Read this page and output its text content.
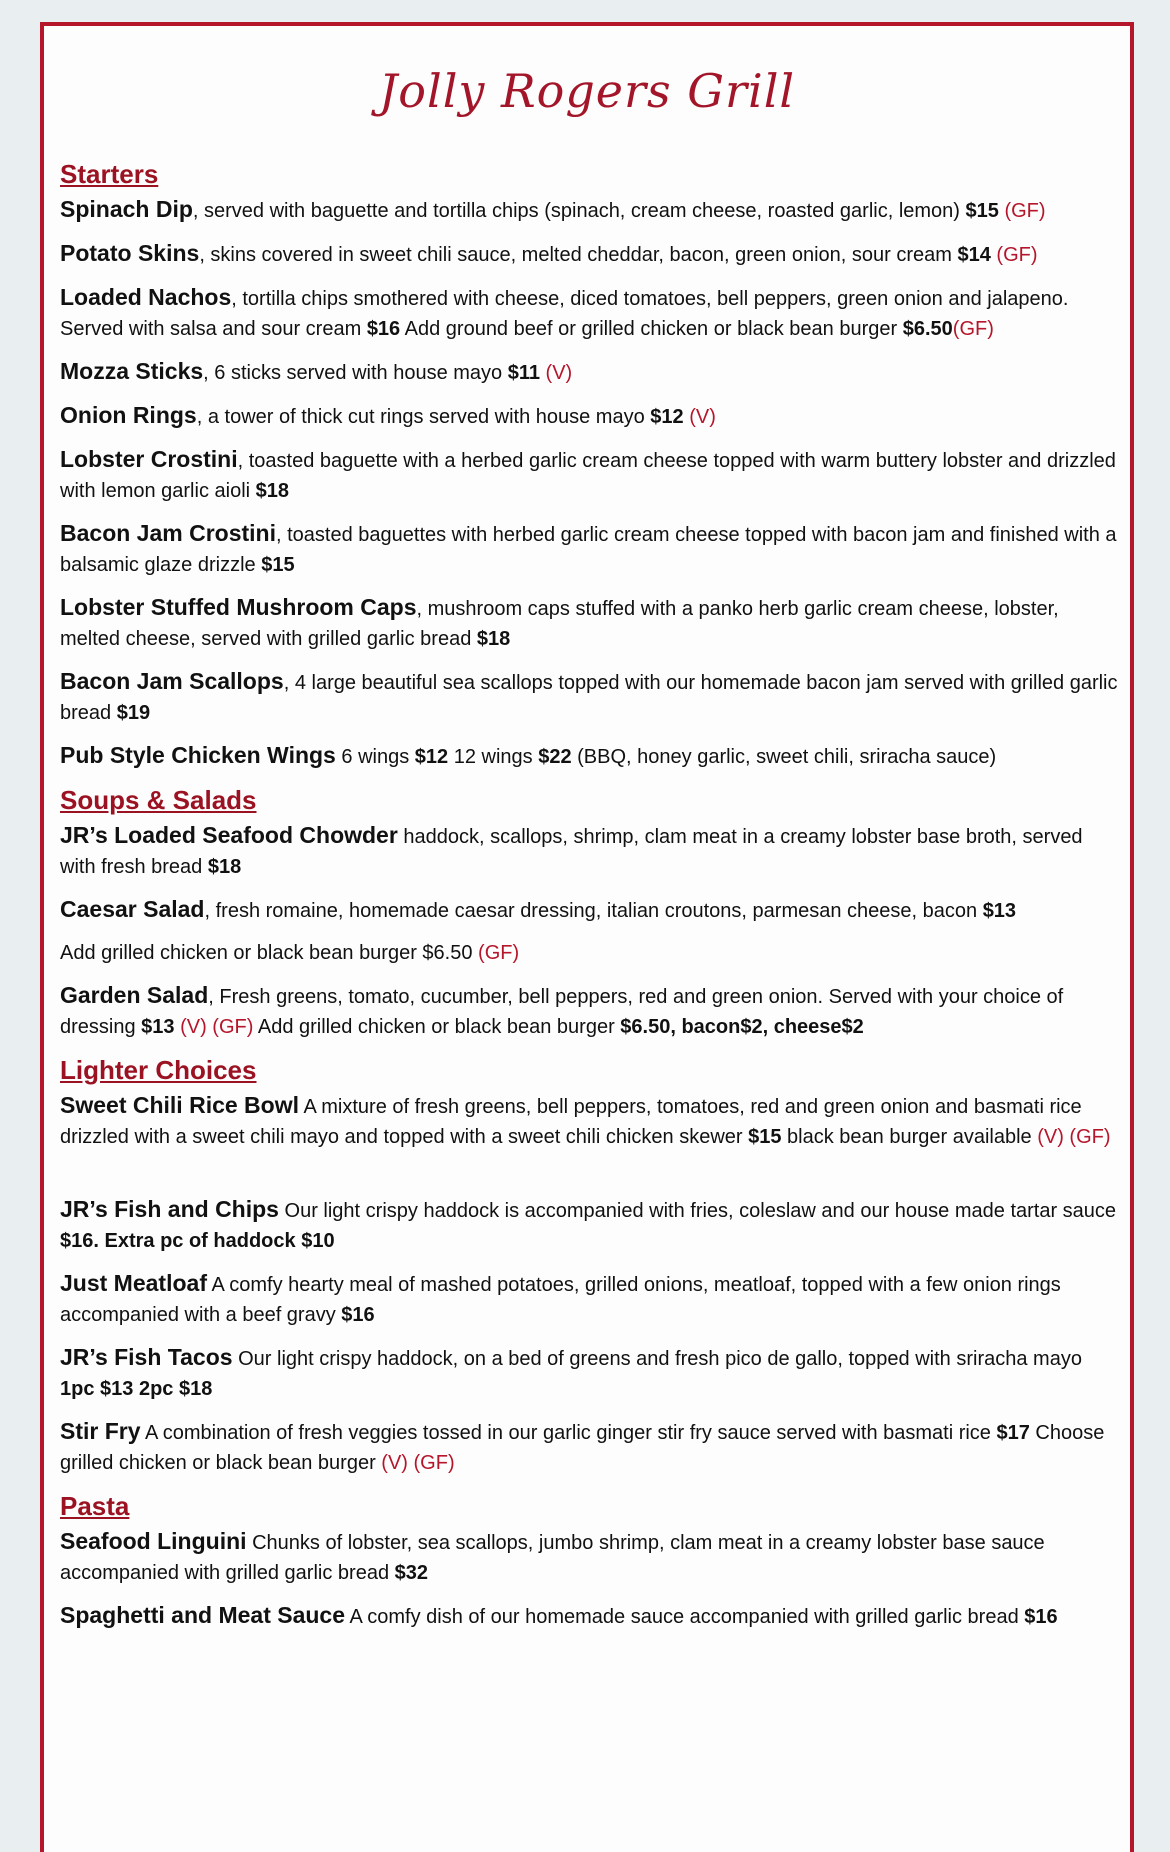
Jolly Rogers Grill
Starters
Spinach Dip, served with baguette and tortilla chips (spinach, cream cheese, roasted garlic, lemon) $15 (GF)
Potato Skins, skins covered in sweet chili sauce, melted cheddar, bacon, green onion, sour cream $14 (GF)
Loaded Nachos, tortilla chips smothered with cheese, diced tomatoes, bell peppers, green onion and jalapeno. Served with salsa and sour cream $16 Add ground beef or grilled chicken or black bean burger $6.50(GF)
Mozza Sticks, 6 sticks served with house mayo $11 (V)
Onion Rings, a tower of thick cut rings served with house mayo $12 (V)
Lobster Crostini, toasted baguette with a herbed garlic cream cheese topped with warm buttery lobster and drizzled with lemon garlic aioli $18
Bacon Jam Crostini, toasted baguettes with herbed garlic cream cheese topped with bacon jam and finished with a balsamic glaze drizzle $15
Lobster Stuffed Mushroom Caps, mushroom caps stuffed with a panko herb garlic cream cheese, lobster, melted cheese, served with grilled garlic bread $18
Bacon Jam Scallops, 4 large beautiful sea scallops topped with our homemade bacon jam served with grilled garlic bread $19
Pub Style Chicken Wings 6 wings $12 12 wings $22 (BBQ, honey garlic, sweet chili, sriracha sauce)
Soups & Salads
JR’s Loaded Seafood Chowder haddock, scallops, shrimp, clam meat in a creamy lobster base broth, served with fresh bread $18
Caesar Salad, fresh romaine, homemade caesar dressing, italian croutons, parmesan cheese, bacon $13
Add grilled chicken or black bean burger $6.50 (GF)
Garden Salad, Fresh greens, tomato, cucumber, bell peppers, red and green onion. Served with your choice of dressing $13 (V) (GF) Add grilled chicken or black bean burger $6.50, bacon$2, cheese$2
Lighter Choices
Sweet Chili Rice Bowl A mixture of fresh greens, bell peppers, tomatoes, red and green onion and basmati rice drizzled with a sweet chili mayo and topped with a sweet chili chicken skewer $15 black bean burger available (V) (GF)
JR’s Fish and Chips Our light crispy haddock is accompanied with fries, coleslaw and our house made tartar sauce $16. Extra pc of haddock $10
Just Meatloaf A comfy hearty meal of mashed potatoes, grilled onions, meatloaf, topped with a few onion rings accompanied with a beef gravy $16
JR’s Fish Tacos Our light crispy haddock, on a bed of greens and fresh pico de gallo, topped with sriracha mayo
1pc $13 2pc $18
Stir Fry A combination of fresh veggies tossed in our garlic ginger stir fry sauce served with basmati rice $17 Choose grilled chicken or black bean burger (V) (GF)
Pasta
Seafood Linguini Chunks of lobster, sea scallops, jumbo shrimp, clam meat in a creamy lobster base sauce accompanied with grilled garlic bread $32
Spaghetti and Meat Sauce A comfy dish of our homemade sauce accompanied with grilled garlic bread $16
